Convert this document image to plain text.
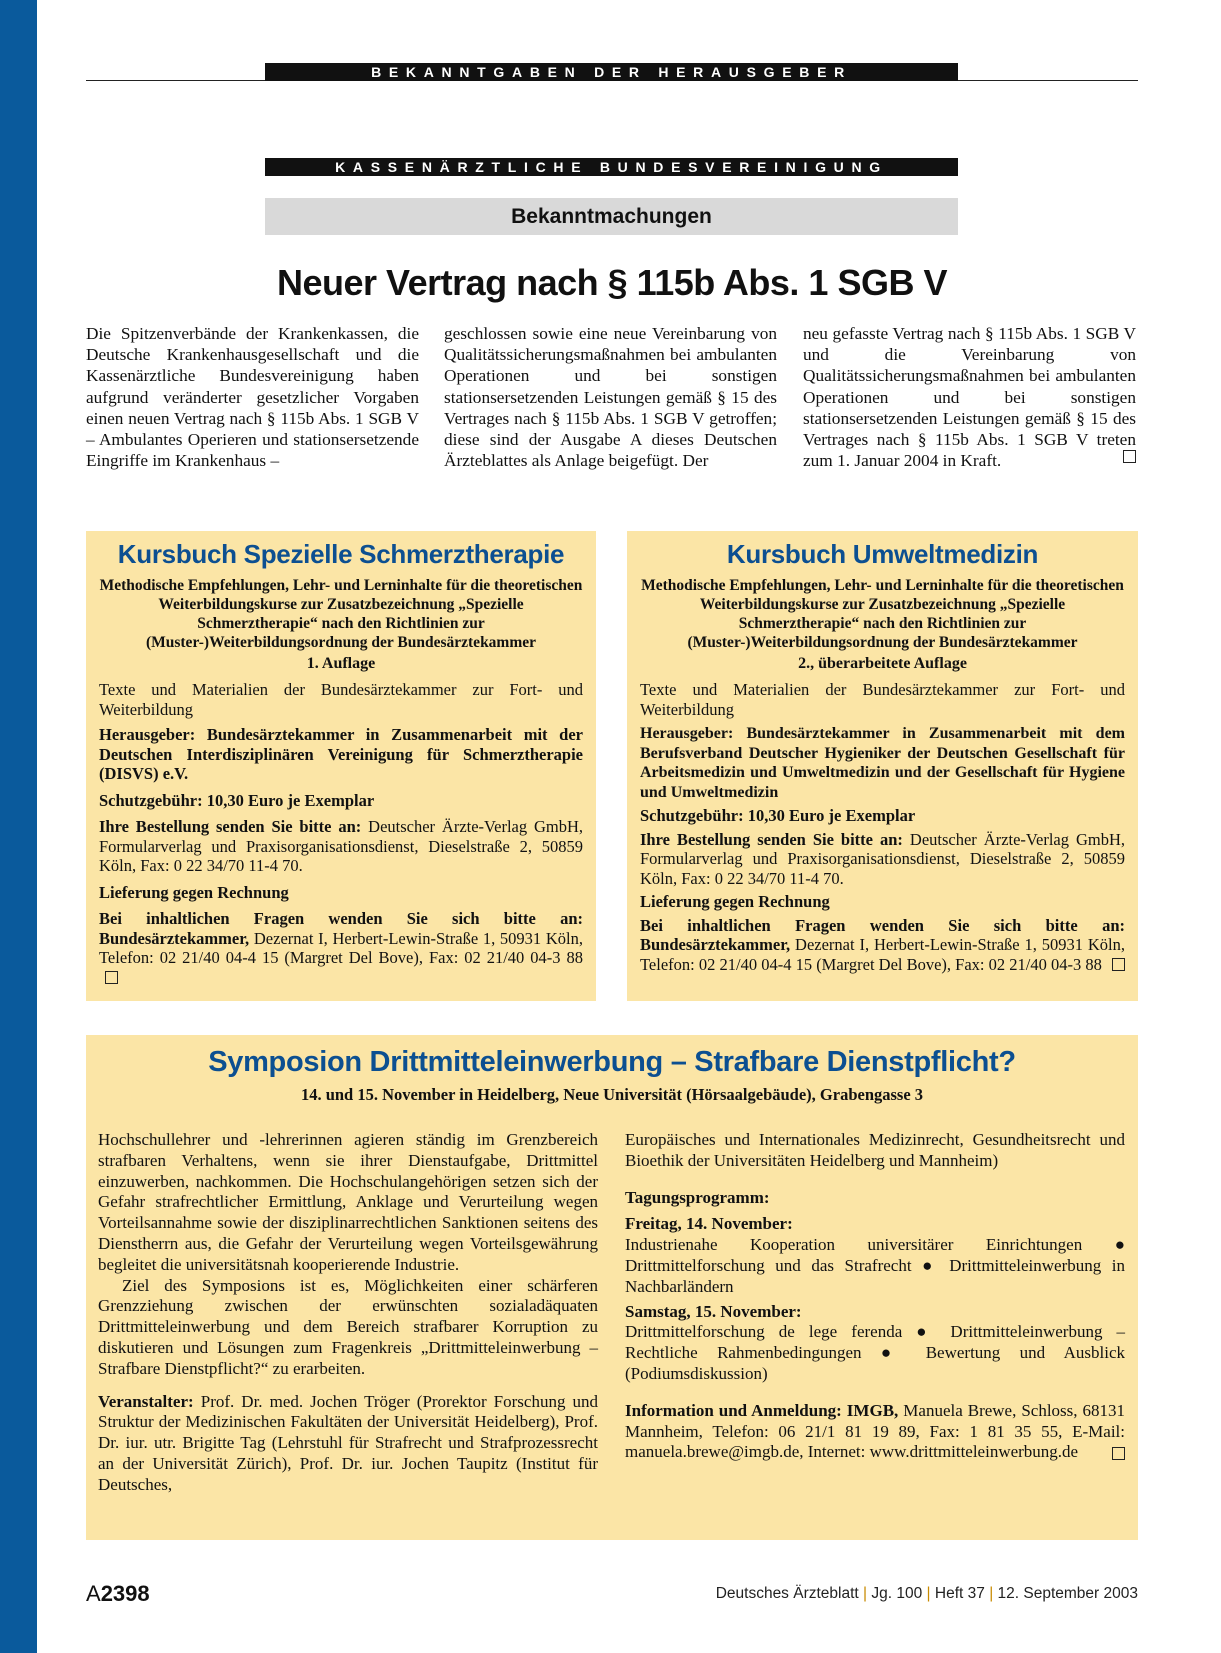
BEKANNTGABEN DER HERAUSGEBER
KASSENÄRZTLICHE BUNDESVEREINIGUNG
Bekanntmachungen
Neuer Vertrag nach § 115b Abs. 1 SGB V
Die Spitzenverbände der Krankenkassen, die Deutsche Krankenhausgesellschaft und die Kassenärztliche Bundesvereinigung haben aufgrund veränderter gesetzlicher Vorgaben einen neuen Vertrag nach § 115b Abs. 1 SGB V – Ambulantes Operieren und stationsersetzende Eingriffe im Krankenhaus –
geschlossen sowie eine neue Vereinbarung von Qualitätssicherungsmaßnahmen bei ambulanten Operationen und bei sonstigen stationsersetzenden Leistungen gemäß § 15 des Vertrages nach § 115b Abs. 1 SGB V getroffen; diese sind der Ausgabe A dieses Deutschen Ärzteblattes als Anlage beigefügt. Der
neu gefasste Vertrag nach § 115b Abs. 1 SGB V und die Vereinbarung von Qualitätssicherungsmaßnahmen bei ambulanten Operationen und bei sonstigen stationsersetzenden Leistungen gemäß § 15 des Vertrages nach § 115b Abs. 1 SGB V treten zum 1. Januar 2004 in Kraft.
Kursbuch Spezielle Schmerztherapie
Methodische Empfehlungen, Lehr- und Lerninhalte für die theoretischen Weiterbildungskurse zur Zusatzbezeichnung „Spezielle Schmerztherapie“ nach den Richtlinien zur (Muster-)Weiterbildungsordnung der Bundesärztekammer
1. Auflage

Texte und Materialien der Bundesärztekammer zur Fort- und Weiterbildung

Herausgeber: Bundesärztekammer in Zusammenarbeit mit der Deutschen Interdisziplinären Vereinigung für Schmerztherapie (DISVS) e.V.

Schutzgebühr: 10,30 Euro je Exemplar

Ihre Bestellung senden Sie bitte an: Deutscher Ärzte-Verlag GmbH, Formularverlag und Praxisorganisationsdienst, Dieselstraße 2, 50859 Köln, Fax: 0 22 34/70 11-4 70.

Lieferung gegen Rechnung

Bei inhaltlichen Fragen wenden Sie sich bitte an: Bundesärztekammer, Dezernat I, Herbert-Lewin-Straße 1, 50931 Köln, Telefon: 02 21/40 04-4 15 (Margret Del Bove), Fax: 02 21/40 04-3 88

Kursbuch Umweltmedizin
Methodische Empfehlungen, Lehr- und Lerninhalte für die theoretischen Weiterbildungskurse zur Zusatzbezeichnung „Spezielle Schmerztherapie“ nach den Richtlinien zur (Muster-)Weiterbildungsordnung der Bundesärztekammer
2., überarbeitete Auflage

Texte und Materialien der Bundesärztekammer zur Fort- und Weiterbildung

Herausgeber: Bundesärztekammer in Zusammenarbeit mit dem Berufsverband Deutscher Hygieniker der Deutschen Gesellschaft für Arbeitsmedizin und Umweltmedizin und der Gesellschaft für Hygiene und Umweltmedizin

Schutzgebühr: 10,30 Euro je Exemplar

Ihre Bestellung senden Sie bitte an: Deutscher Ärzte-Verlag GmbH, Formularverlag und Praxisorganisationsdienst, Dieselstraße 2, 50859 Köln, Fax: 0 22 34/70 11-4 70.

Lieferung gegen Rechnung

Bei inhaltlichen Fragen wenden Sie sich bitte an: Bundesärztekammer, Dezernat I, Herbert-Lewin-Straße 1, 50931 Köln, Telefon: 02 21/40 04-4 15 (Margret Del Bove), Fax: 02 21/40 04-3 88

Symposion Drittmitteleinwerbung – Strafbare Dienstpflicht?
14. und 15. November in Heidelberg, Neue Universität (Hörsaalgebäude), Grabengasse 3

Hochschullehrer und -lehrerinnen agieren ständig im Grenzbereich strafbaren Verhaltens, wenn sie ihrer Dienstaufgabe, Drittmittel einzuwerben, nachkommen. Die Hochschulangehörigen setzen sich der Gefahr strafrechtlicher Ermittlung, Anklage und Verurteilung wegen Vorteilsannahme sowie der disziplinarrechtlichen Sanktionen seitens des Dienstherrn aus, die Gefahr der Verurteilung wegen Vorteilsgewährung begleitet die universitätsnah kooperierende Industrie.

Ziel des Symposions ist es, Möglichkeiten einer schärferen Grenzziehung zwischen der erwünschten sozialadäquaten Drittmitteleinwerbung und dem Bereich strafbarer Korruption zu diskutieren und Lösungen zum Fragenkreis „Drittmitteleinwerbung – Strafbare Dienstpflicht?“ zu erarbeiten.

Veranstalter: Prof. Dr. med. Jochen Tröger (Prorektor Forschung und Struktur der Medizinischen Fakultäten der Universität Heidelberg), Prof. Dr. iur. utr. Brigitte Tag (Lehrstuhl für Strafrecht und Strafprozessrecht an der Universität Zürich), Prof. Dr. iur. Jochen Taupitz (Institut für Deutsches,

Europäisches und Internationales Medizinrecht, Gesundheitsrecht und Bioethik der Universitäten Heidelberg und Mannheim)

Tagungsprogramm:

Freitag, 14. November:

Industrienahe Kooperation universitärer Einrichtungen ● Drittmittelforschung und das Strafrecht ● Drittmitteleinwerbung in Nachbarländern

Samstag, 15. November:

Drittmittelforschung de lege ferenda ● Drittmitteleinwerbung – Rechtliche Rahmenbedingungen ● Bewertung und Ausblick (Podiumsdiskussion)

Information und Anmeldung: IMGB, Manuela Brewe, Schloss, 68131 Mannheim, Telefon: 06 21/1 81 19 89, Fax: 1 81 35 55, E-Mail: manuela.brewe@imgb.de, Internet: www.drittmitteleinwerbung.de

A2398	Deutsches Ärzteblatt | Jg. 100 | Heft 37 | 12. September 2003
